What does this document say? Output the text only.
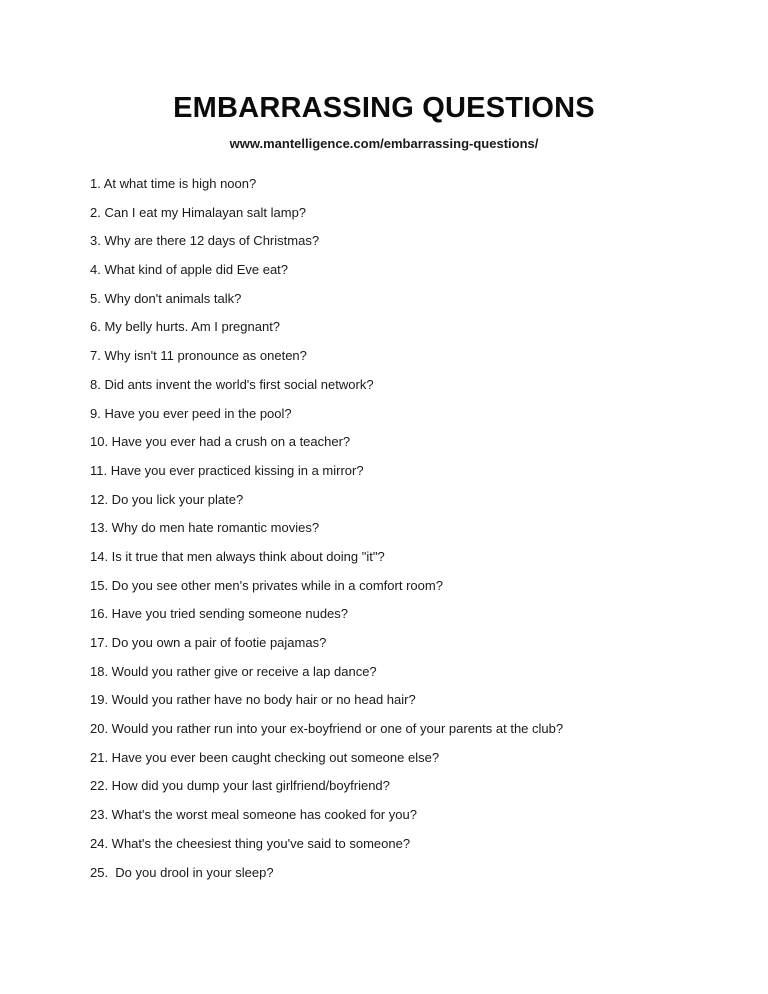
EMBARRASSING QUESTIONS
www.mantelligence.com/embarrassing-questions/
1. At what time is high noon?
2. Can I eat my Himalayan salt lamp?
3. Why are there 12 days of Christmas?
4. What kind of apple did Eve eat?
5. Why don't animals talk?
6. My belly hurts. Am I pregnant?
7. Why isn't 11 pronounce as oneten?
8. Did ants invent the world's first social network?
9. Have you ever peed in the pool?
10. Have you ever had a crush on a teacher?
11. Have you ever practiced kissing in a mirror?
12. Do you lick your plate?
13. Why do men hate romantic movies?
14. Is it true that men always think about doing "it"?
15. Do you see other men's privates while in a comfort room?
16. Have you tried sending someone nudes?
17. Do you own a pair of footie pajamas?
18. Would you rather give or receive a lap dance?
19. Would you rather have no body hair or no head hair?
20. Would you rather run into your ex-boyfriend or one of your parents at the club?
21. Have you ever been caught checking out someone else?
22. How did you dump your last girlfriend/boyfriend?
23. What's the worst meal someone has cooked for you?
24. What's the cheesiest thing you've said to someone?
25.  Do you drool in your sleep?
